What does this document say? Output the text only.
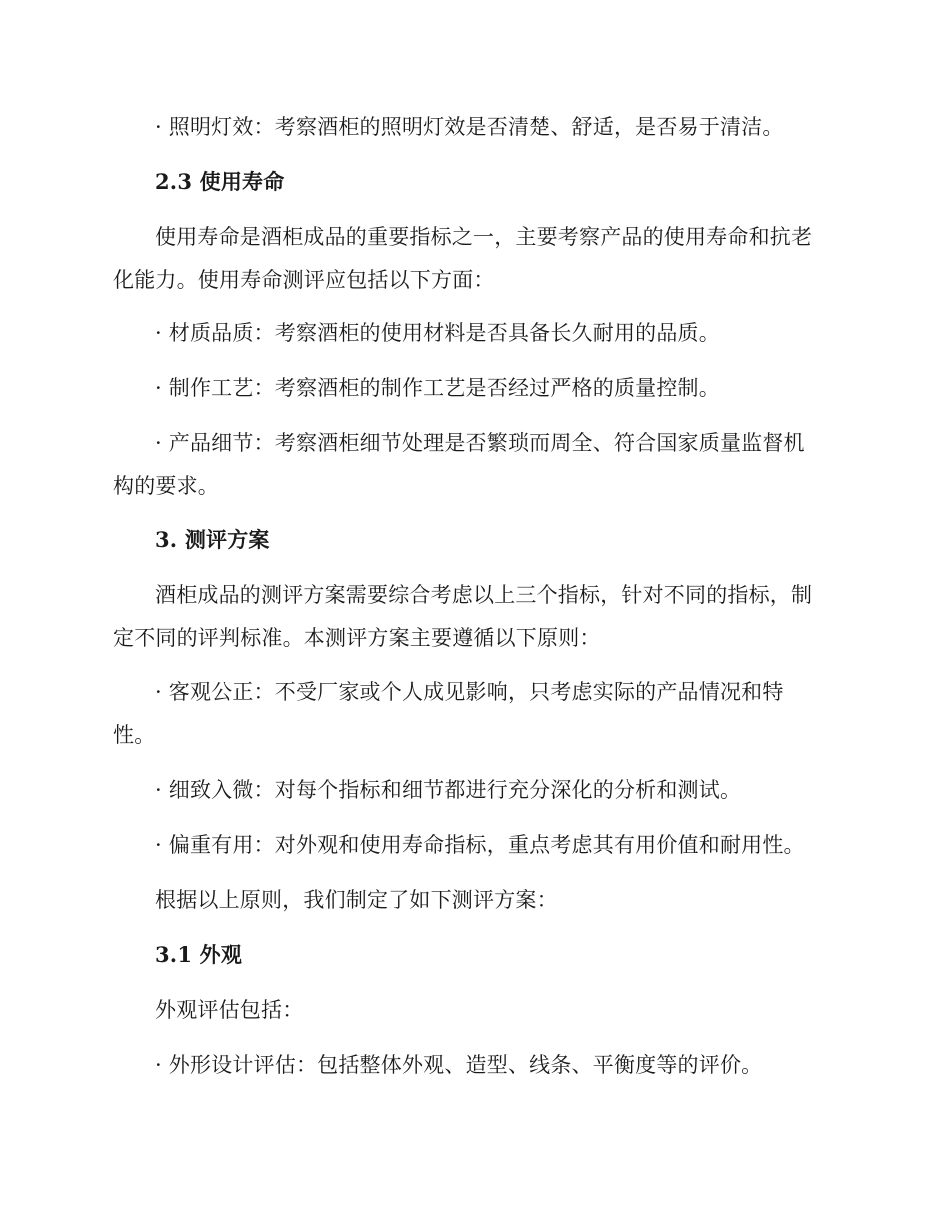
· 照明灯效：考察酒柜的照明灯效是否清楚、舒适，是否易于清洁。
2.3 使用寿命
使用寿命是酒柜成品的重要指标之一，主要考察产品的使用寿命和抗老
化能力。使用寿命测评应包括以下方面：
· 材质品质：考察酒柜的使用材料是否具备长久耐用的品质。
· 制作工艺：考察酒柜的制作工艺是否经过严格的质量控制。
· 产品细节：考察酒柜细节处理是否繁琐而周全、符合国家质量监督机
构的要求。
3. 测评方案
酒柜成品的测评方案需要综合考虑以上三个指标，针对不同的指标，制
定不同的评判标准。本测评方案主要遵循以下原则：
· 客观公正：不受厂家或个人成见影响，只考虑实际的产品情况和特
性。
· 细致入微：对每个指标和细节都进行充分深化的分析和测试。
· 偏重有用：对外观和使用寿命指标，重点考虑其有用价值和耐用性。
根据以上原则，我们制定了如下测评方案：
3.1 外观
外观评估包括：
· 外形设计评估：包括整体外观、造型、线条、平衡度等的评价。
